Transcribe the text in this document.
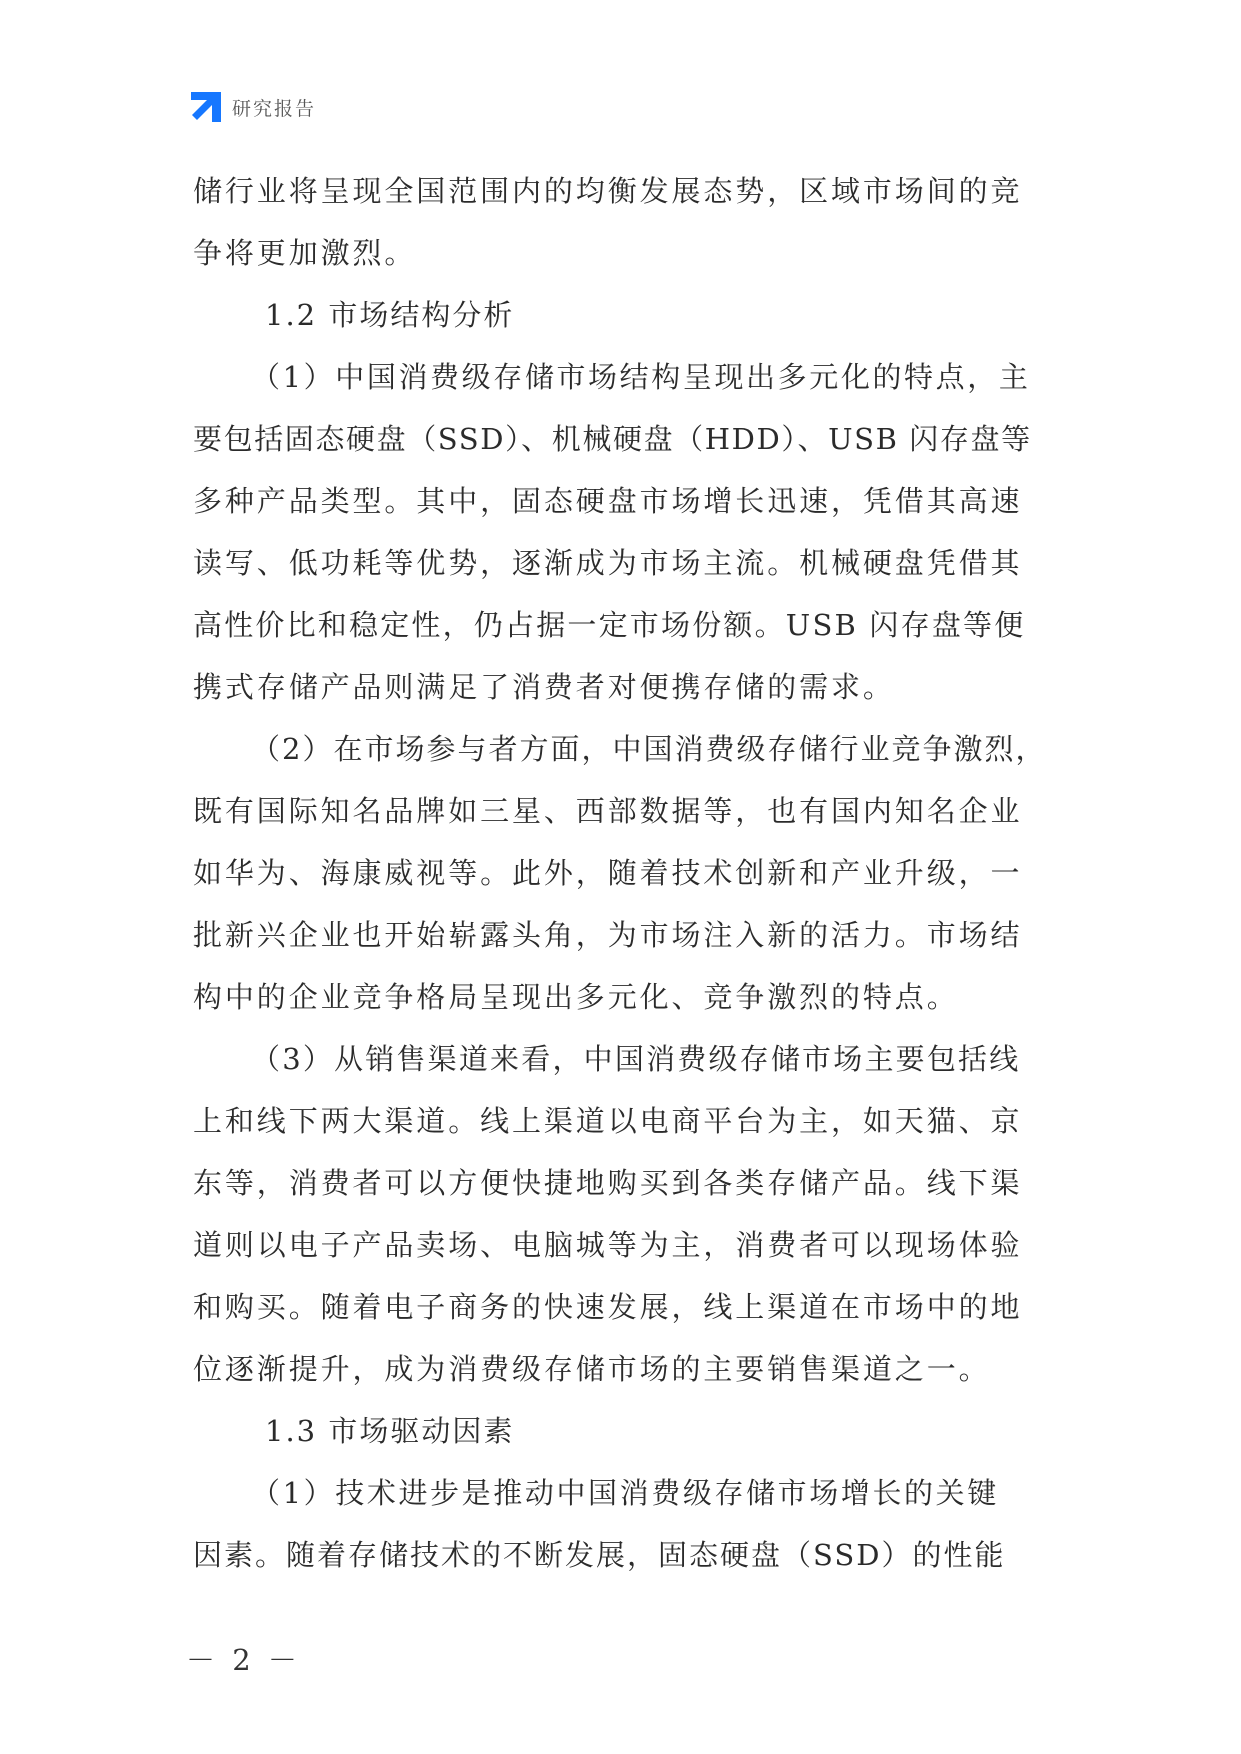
研究报告
储行业将呈现全国范围内的均衡发展态势，区域市场间的竞
争将更加激烈。
1.2 市场结构分析
（1）中国消费级存储市场结构呈现出多元化的特点，主
要包括固态硬盘（SSD）、机械硬盘（HDD）、USB 闪存盘等
多种产品类型。其中，固态硬盘市场增长迅速，凭借其高速
读写、低功耗等优势，逐渐成为市场主流。机械硬盘凭借其
高性价比和稳定性，仍占据一定市场份额。USB 闪存盘等便
携式存储产品则满足了消费者对便携存储的需求。
（2）在市场参与者方面，中国消费级存储行业竞争激烈，
既有国际知名品牌如三星、西部数据等，也有国内知名企业
如华为、海康威视等。此外，随着技术创新和产业升级，一
批新兴企业也开始崭露头角，为市场注入新的活力。市场结
构中的企业竞争格局呈现出多元化、竞争激烈的特点。
（3）从销售渠道来看，中国消费级存储市场主要包括线
上和线下两大渠道。线上渠道以电商平台为主，如天猫、京
东等，消费者可以方便快捷地购买到各类存储产品。线下渠
道则以电子产品卖场、电脑城等为主，消费者可以现场体验
和购买。随着电子商务的快速发展，线上渠道在市场中的地
位逐渐提升，成为消费级存储市场的主要销售渠道之一。
1.3 市场驱动因素
（1）技术进步是推动中国消费级存储市场增长的关键
因素。随着存储技术的不断发展，固态硬盘（SSD）的性能
－ 2 －
